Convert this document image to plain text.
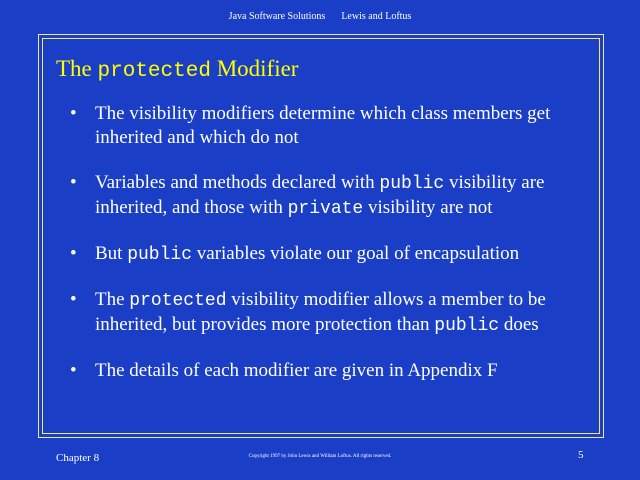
Java Software Solutions Lewis and Loftus
The protected Modifier
• The visibility modifiers determine which class members get inherited and which do not
• Variables and methods declared with public visibility are inherited, and those with private visibility are not
• But public variables violate our goal of encapsulation
• The protected visibility modifier allows a member to be inherited, but provides more protection than public does
• The details of each modifier are given in Appendix F
Chapter 8	Copyright 1997 by John Lewis and William Loftus. All rights reserved.	5
